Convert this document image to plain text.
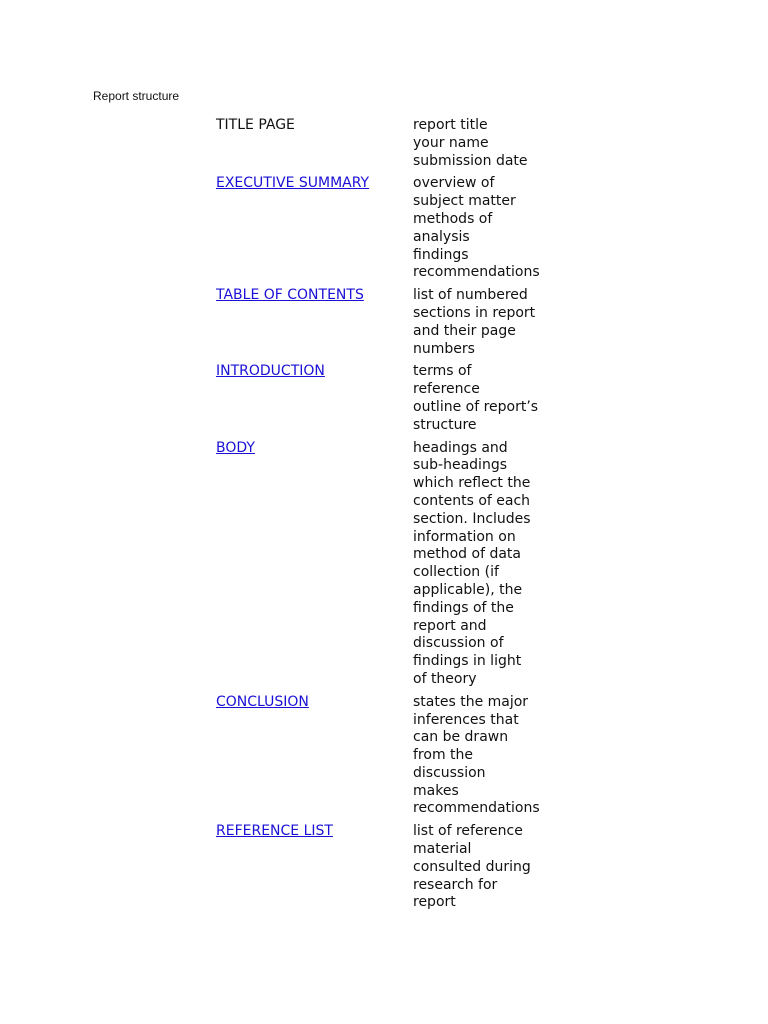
Report structure
TITLE PAGE	report title
your name
submission date
EXECUTIVE SUMMARY	overview of
subject matter
methods of
analysis
findings
recommendations
TABLE OF CONTENTS	list of numbered
sections in report
and their page
numbers
INTRODUCTION	terms of
reference
outline of report’s
structure
BODY	headings and
sub-headings
which reflect the
contents of each
section. Includes
information on
method of data
collection (if
applicable), the
findings of the
report and
discussion of
findings in light
of theory
CONCLUSION	states the major
inferences that
can be drawn
from the
discussion
makes
recommendations
REFERENCE LIST	list of reference
material
consulted during
research for
report
